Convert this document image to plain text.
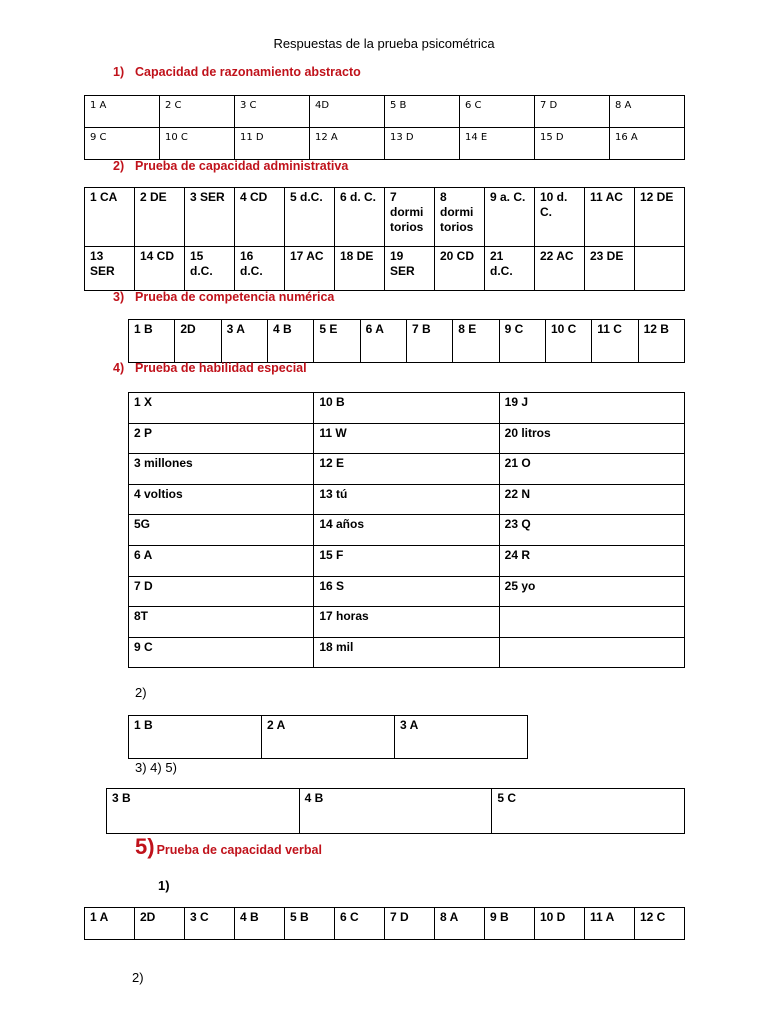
Respuestas de la prueba psicométrica
1) Capacidad de razonamiento abstracto
1 A	2 C	3 C	4D	5 B	6 C	7 D	8 A
9 C	10 C	11 D	12 A	13 D	14 E	15 D	16 A
2) Prueba de capacidad administrativa
1 CA	2 DE	3 SER	4 CD	5 d.C.	6 d. C.	7 dormi torios	8 dormi torios	9 a. C.	10 d. C.	11 AC	12 DE
13 SER	14 CD	15 d.C.	16 d.C.	17 AC	18 DE	19 SER	20 CD	21 d.C.	22 AC	23 DE	
3) Prueba de competencia numérica
1 B	2D	3 A	4 B	5 E	6 A	7 B	8 E	9 C	10 C	11 C	12 B
4) Prueba de habilidad especial
1 X	10 B	19 J
2 P	11 W	20 litros
3 millones	12 E	21 O
4 voltios	13 tú	22 N
5G	14 años	23 Q
6 A	15 F	24 R
7 D	16 S	25 yo
8T	17 horas	
9 C	18 mil	
2)
1 B	2 A	3 A
3) 4) 5)
3 B	4 B	5 C
5) Prueba de capacidad verbal
1)
1 A	2D	3 C	4 B	5 B	6 C	7 D	8 A	9 B	10 D	11 A	12 C
2)
